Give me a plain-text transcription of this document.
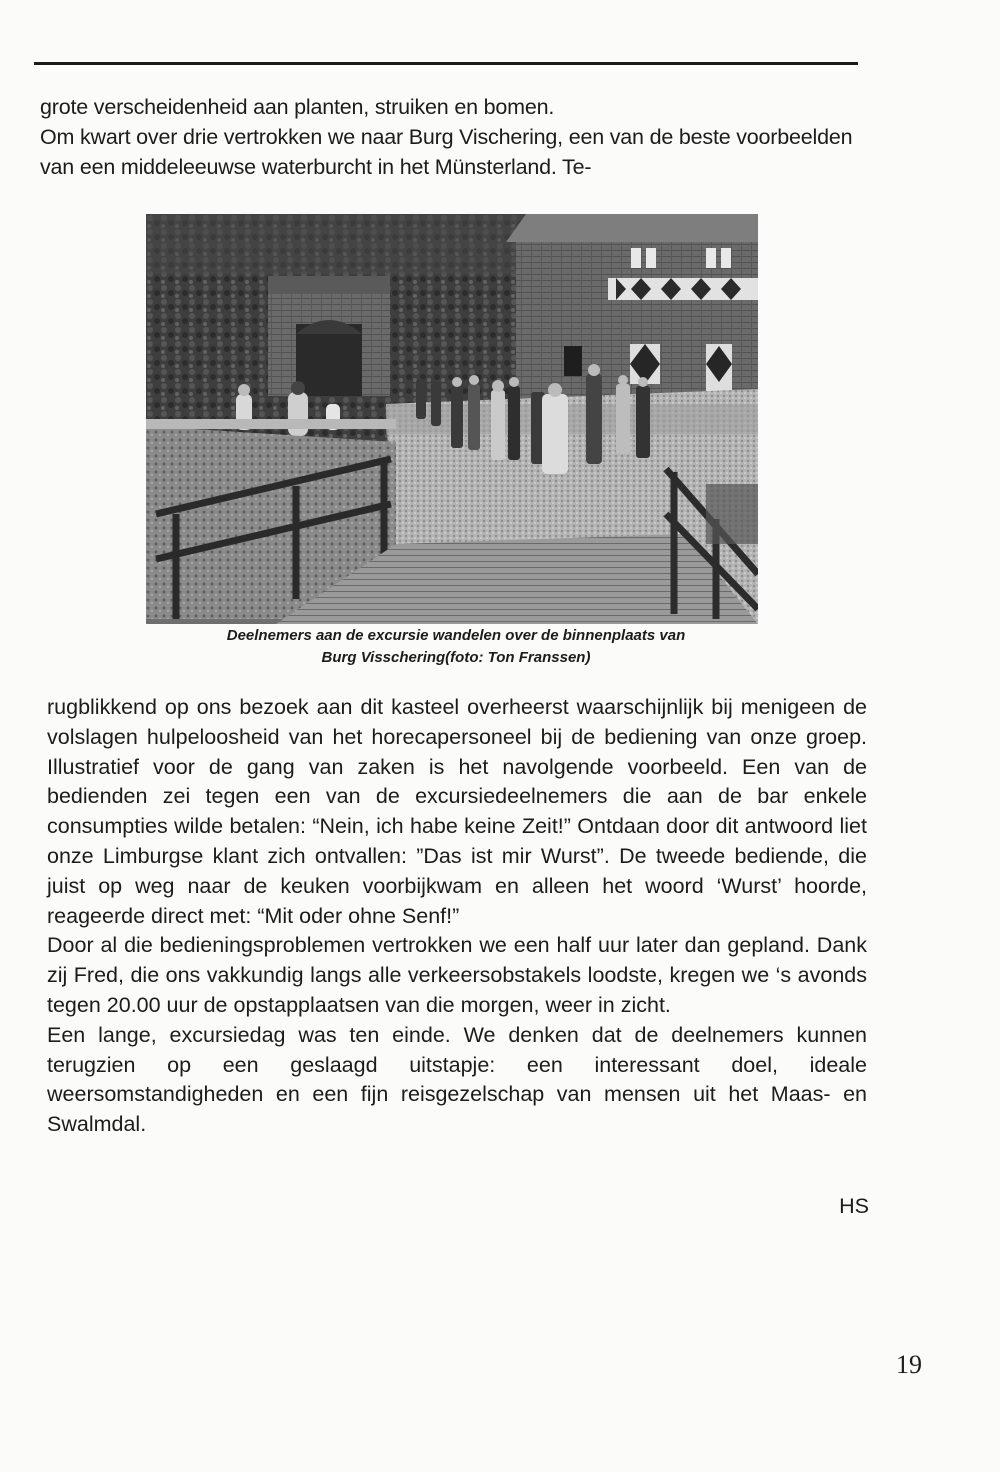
grote verscheidenheid aan planten, struiken en bomen.

Om kwart over drie vertrokken we naar Burg Vischering, een van de beste voorbeelden van een middeleeuwse waterburcht in het Münsterland. Te-

Deelnemers aan de excursie wandelen over de binnenplaats van
Burg Visschering(foto: Ton Franssen)

rugblikkend op ons bezoek aan dit kasteel overheerst waarschijnlijk bij menigeen de volslagen hulpeloosheid van het horecapersoneel bij de bediening van onze groep. Illustratief voor de gang van zaken is het navolgende voorbeeld. Een van de bedienden zei tegen een van de excursiedeelnemers die aan de bar enkele consumpties wilde betalen: “Nein, ich habe keine Zeit!” Ontdaan door dit antwoord liet onze Limburgse klant zich ontvallen: ”Das ist mir Wurst”. De tweede bediende, die juist op weg naar de keuken voorbijkwam en alleen het woord ‘Wurst’ hoorde, reageerde direct met: “Mit oder ohne Senf!”

Door al die bedieningsproblemen vertrokken we een half uur later dan gepland. Dank zij Fred, die ons vakkundig langs alle verkeersobstakels loodste, kregen we ‘s avonds tegen 20.00 uur de opstapplaatsen van die morgen, weer in zicht.

Een lange, excursiedag was ten einde. We denken dat de deelnemers kunnen terugzien op een geslaagd uitstapje: een interessant doel, ideale weersomstandigheden en een fijn reisgezelschap van mensen uit het Maas- en Swalmdal.

HS
19
